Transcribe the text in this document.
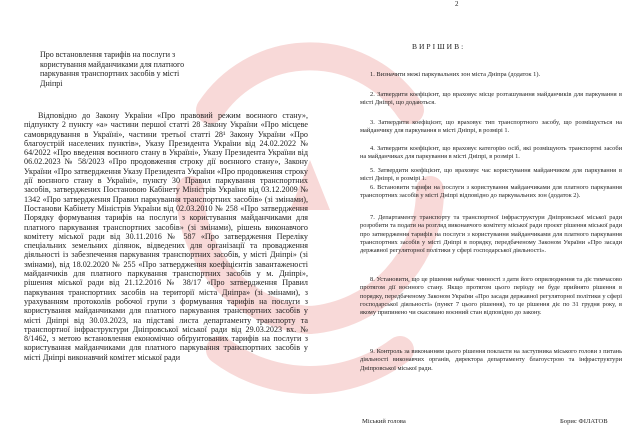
Про встановлення тарифів на послуги з користування майданчиками для платного паркування транспортних засобів у місті Дніпрі

Відповідно до Закону України «Про правовий режим воєнного стану», підпункту 2 пункту «а» частини першої статті 28 Закону України «Про місцеве самоврядування в Україні», частини третьої статті 28¹ Закону України «Про благоустрій населених пунктів», Указу Президента України від 24.02.2022 № 64/2022 «Про введення воєнного стану в Україні», Указу Президента України від 06.02.2023 № 58/2023 «Про продовження строку дії воєнного стану», Закону України «Про затвердження Указу Президента України «Про продовження строку дії воєнного стану в Україні», пункту 30 Правил паркування транспортних засобів, затверджених Постановою Кабінету Міністрів України від 03.12.2009 № 1342 «Про затвердження Правил паркування транспортних засобів» (зі змінами), Постанови Кабінету Міністрів України від 02.03.2010 № 258 «Про затвердження Порядку формування тарифів на послуги з користування майданчиками для платного паркування транспортних засобів» (зі змінами), рішень виконавчого комітету міської ради від 30.11.2016 № 587 «Про затвердження Переліку спеціальних земельних ділянок, відведених для організації та провадження діяльності із забезпечення паркування транспортних засобів, у місті Дніпрі» (зі змінами), від 18.02.2020 № 255 «Про затвердження коефіцієнтів завантаженості майданчиків для платного паркування транспортних засобів у м. Дніпрі», рішення міської ради від 21.12.2016 № 38/17 «Про затвердження Правил паркування транспортних засобів на території міста Дніпра» (зі змінами), з урахуванням протоколів робочої групи з формування тарифів на послуги з користування майданчиками для платного паркування транспортних засобів у місті Дніпрі від 30.03.2023, на підставі листа департаменту транспорту та транспортної інфраструктури Дніпровської міської ради від 29.03.2023 вх. № 8/1462, з метою встановлення економічно обґрунтованих тарифів на послуги з користування майданчиками для платного паркування транспортних засобів у місті Дніпрі виконавчий комітет міської ради

2
ВИРІШИВ:

1. Визначити межі паркувальних зон міста Дніпра (додаток 1).

2. Затвердити коефіцієнт, що враховує місце розташування майданчиків для паркування в місті Дніпрі, що додаються.

3. Затвердити коефіцієнт, що враховує тип транспортного засобу, що розміщується на майданчику для паркування в місті Дніпрі, в розмірі 1.

4. Затвердити коефіцієнт, що враховує категорію осіб, які розміщують транспортні засоби на майданчиках для паркування в місті Дніпрі, в розмірі 1.

5. Затвердити коефіцієнт, що враховує час користування майданчиком для паркування в місті Дніпрі, в розмірі 1.

6. Встановити тарифи на послуги з користування майданчиками для платного паркування транспортних засобів у місті Дніпрі відповідно до паркувальних зон (додаток 2).

7. Департаменту транспорту та транспортної інфраструктури Дніпровської міської ради розробити та подати на розгляд виконавчого комітету міської ради проєкт рішення міської ради про затвердження тарифів на послуги з користування майданчиками для платного паркування транспортних засобів у місті Дніпрі в порядку, передбаченому Законом України «Про засади державної регуляторної політики у сфері господарської діяльності».

8. Установити, що це рішення набуває чинності з дати його оприлюднення та діє тимчасово протягом дії воєнного стану. Якщо протягом цього періоду не буде прийнято рішення в порядку, передбаченому Законом України «Про засади державної регуляторної політики у сфері господарської діяльності» (пункт 7 цього рішення), то це рішення діє по 31 грудня року, в якому припинено чи скасовано воєнний стан відповідно до закону.

9. Контроль за виконанням цього рішення покласти на заступника міського голови з питань діяльності виконавчих органів, директора департаменту благоустрою та інфраструктури Дніпровської міської ради.

Міський голова	Борис ФІЛАТОВ
